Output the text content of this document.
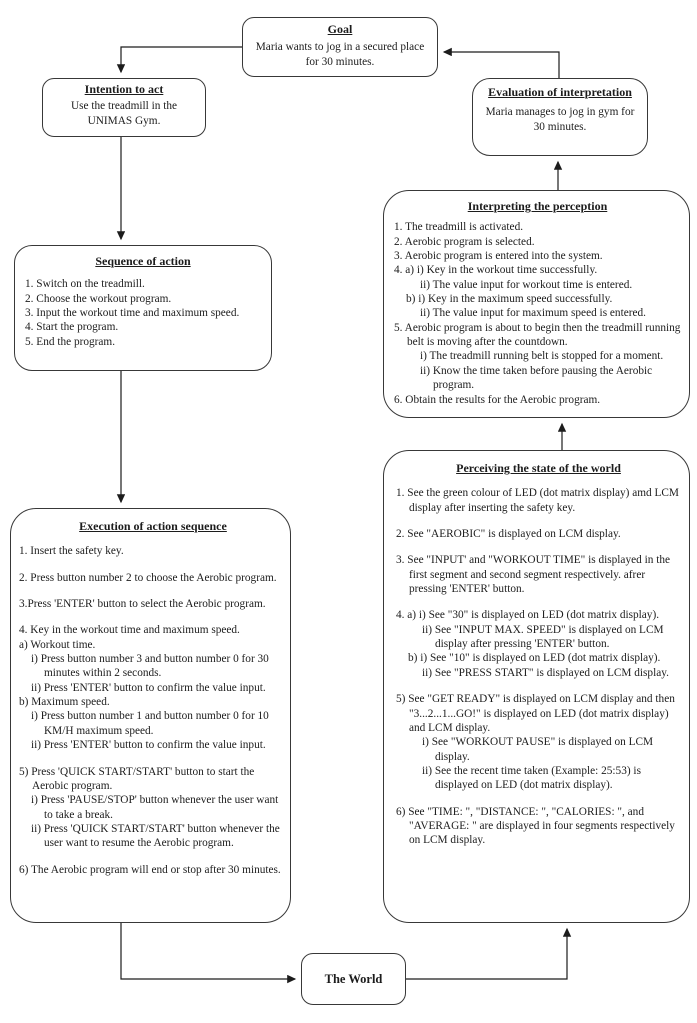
Goal
Maria wants to jog in a secured place for 30 minutes.
Intention to act
Use the treadmill in the UNIMAS Gym.
Evaluation of interpretation
Maria manages to jog in gym for 30 minutes.
Sequence of action
1. Switch on the treadmill.
2. Choose the workout program.
3. Input the workout time and maximum speed.
4. Start the program.
5. End the program.
Interpreting the perception
1. The treadmill is activated.
2. Aerobic program is selected.
3. Aerobic program is entered into the system.
4. a) i) Key in the workout time successfully.
ii) The value input for workout time is entered.
b) i) Key in the maximum speed successfully.
ii) The value input for maximum speed is entered.
5. Aerobic program is about to begin then the treadmill running belt is moving after the countdown.
i) The treadmill running belt is stopped for a moment.
ii) Know the time taken before pausing the Aerobic program.
6. Obtain the results for the Aerobic program.
Perceiving the state of the world
1. See the green colour of LED (dot matrix display) amd LCM display after inserting the safety key.
2. See "AEROBIC" is displayed on LCM display.
3. See "INPUT' and "WORKOUT TIME" is displayed in the first segment and second segment respectively. afrer pressing 'ENTER' button.
4. a) i) See "30" is displayed on LED (dot matrix display).
ii) See "INPUT MAX. SPEED" is displayed on LCM display after pressing 'ENTER' button.
b) i) See "10" is displayed on LED (dot matrix display).
ii) See "PRESS START" is displayed on LCM display.
5) See "GET READY" is displayed on LCM display and then "3...2...1...GO!" is displayed on LED (dot matrix display) and LCM display.
i) See "WORKOUT PAUSE" is displayed on LCM display.
ii) See the recent time taken (Example: 25:53) is displayed on LED (dot matrix display).
6) See "TIME: ", "DISTANCE: ", "CALORIES: ", and "AVERAGE: " are displayed in four segments respectively on LCM display.
Execution of action sequence
1. Insert the safety key.
2. Press button number 2 to choose the Aerobic program.
3.Press 'ENTER' button to select the Aerobic program.
4. Key in the workout time and maximum speed.
a) Workout time.
i) Press button number 3 and button number 0 for 30 minutes within 2 seconds.
ii) Press 'ENTER' button to confirm the value input.
b) Maximum speed.
i) Press button number 1 and button number 0 for 10 KM/H maximum speed.
ii) Press 'ENTER' button to confirm the value input.
5) Press 'QUICK START/START' button to start the Aerobic program.
i) Press 'PAUSE/STOP' button whenever the user want to take a break.
ii) Press 'QUICK START/START' button whenever the user want to resume the Aerobic program.
6) The Aerobic program will end or stop after 30 minutes.
The World
